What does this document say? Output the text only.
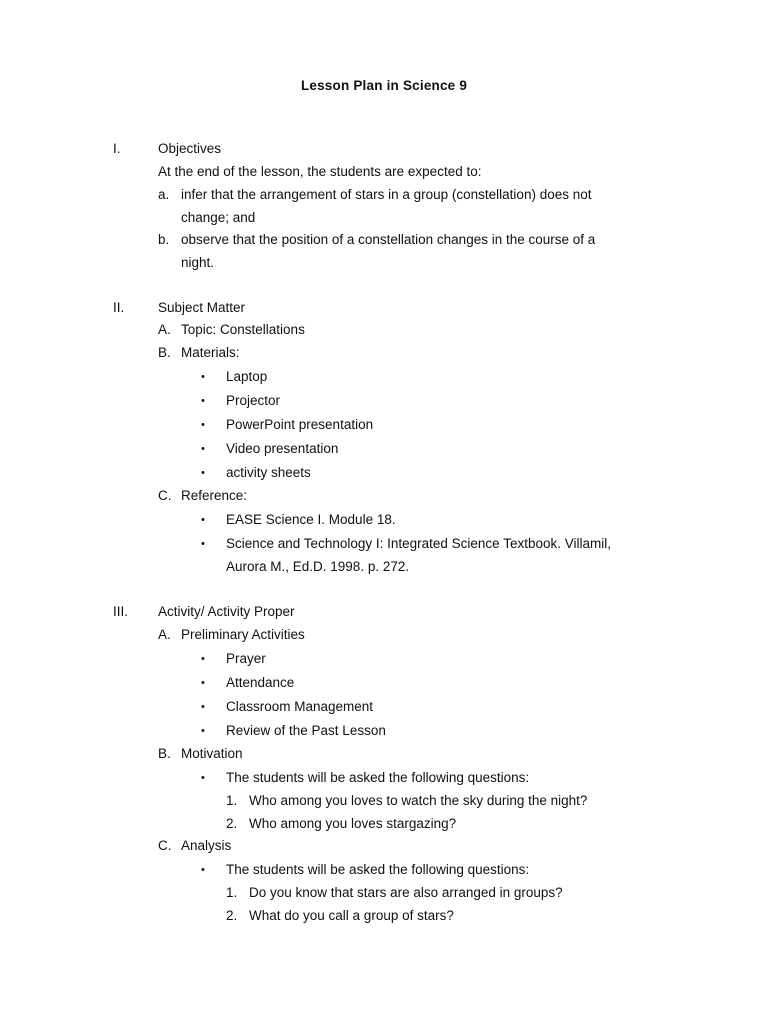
Lesson Plan in Science 9
I.	Objectives
At the end of the lesson, the students are expected to:
a. infer that the arrangement of stars in a group (constellation) does not
change; and
b. observe that the position of a constellation changes in the course of a
night.
II. Subject Matter
A. Topic: Constellations
B. Materials:
• Laptop
• Projector
• PowerPoint presentation
• Video presentation
• activity sheets
C. Reference:
• EASE Science I. Module 18.
• Science and Technology I: Integrated Science Textbook. Villamil,
Aurora M., Ed.D. 1998. p. 272.
III. Activity/ Activity Proper
A. Preliminary Activities
• Prayer
• Attendance
• Classroom Management
• Review of the Past Lesson
B. Motivation
• The students will be asked the following questions:
1. Who among you loves to watch the sky during the night?
2. Who among you loves stargazing?
C. Analysis
• The students will be asked the following questions:
1. Do you know that stars are also arranged in groups?
2. What do you call a group of stars?
